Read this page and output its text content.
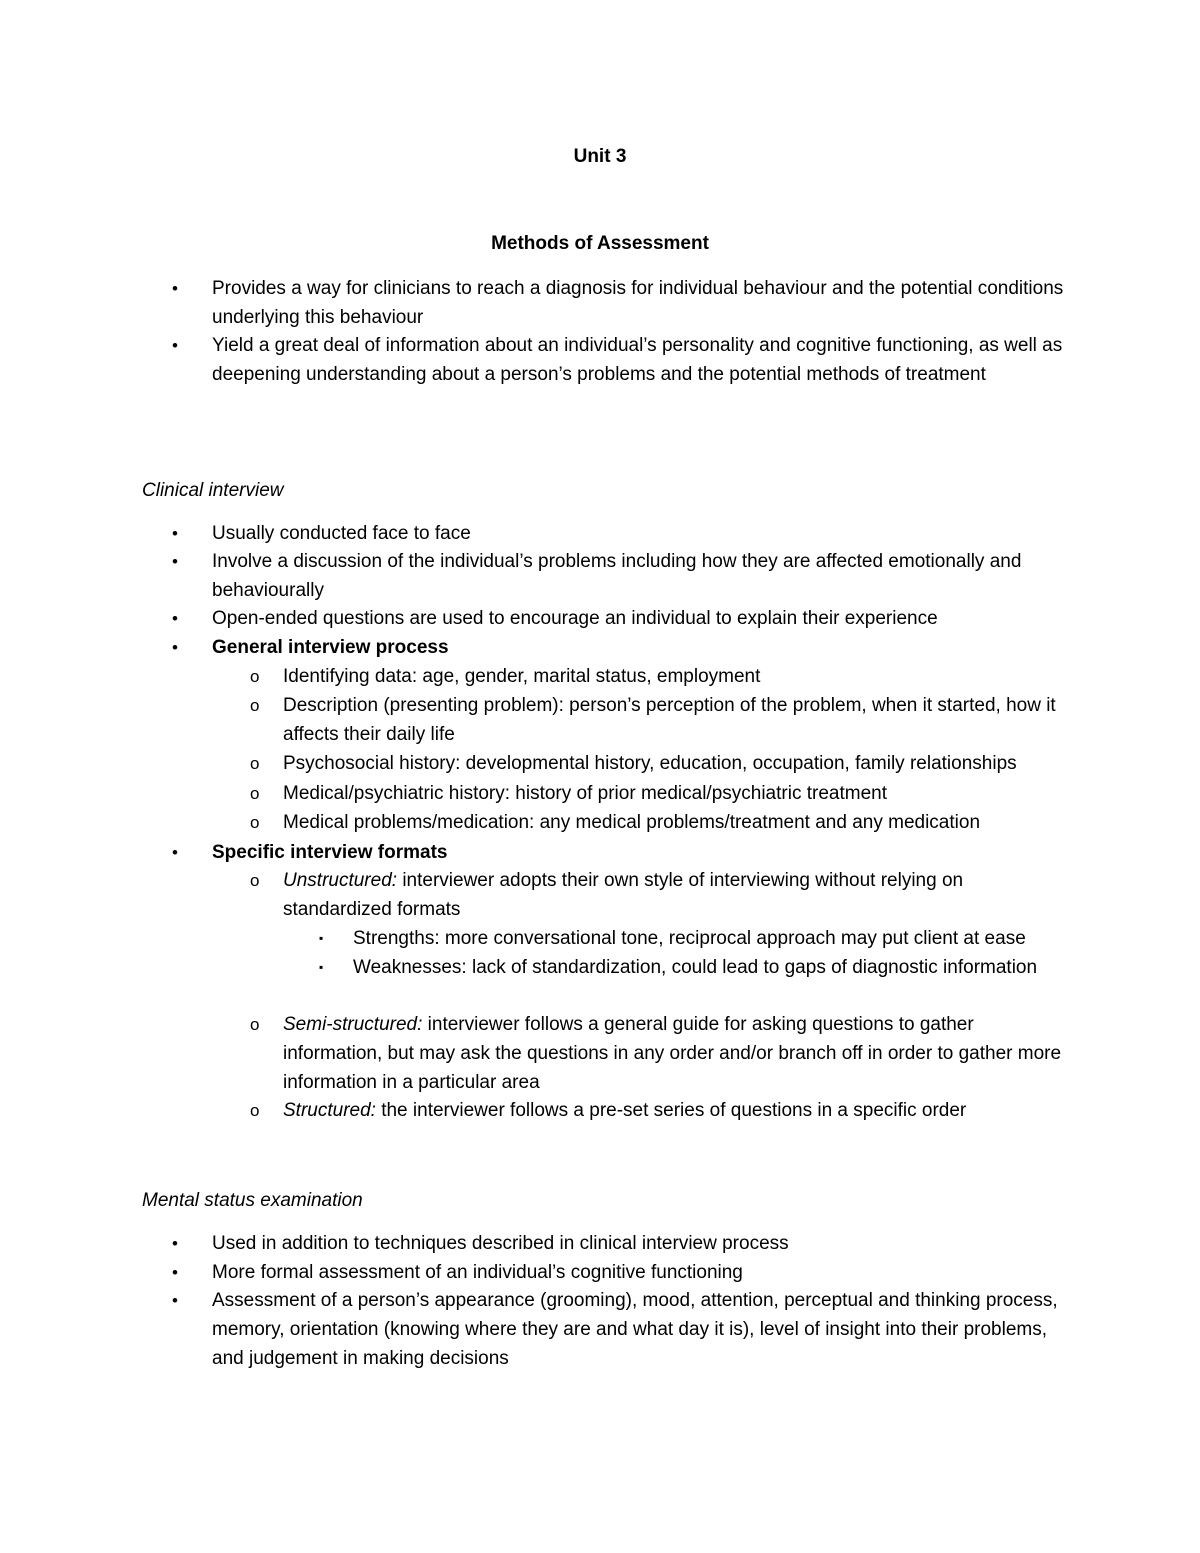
Unit 3
Methods of Assessment
• Provides a way for clinicians to reach a diagnosis for individual behaviour and the potential conditions underlying this behaviour
• Yield a great deal of information about an individual’s personality and cognitive functioning, as well as deepening understanding about a person’s problems and the potential methods of treatment
Clinical interview
• Usually conducted face to face
• Involve a discussion of the individual’s problems including how they are affected emotionally and behaviourally
• Open-ended questions are used to encourage an individual to explain their experience
• General interview process
o Identifying data: age, gender, marital status, employment
o Description (presenting problem): person’s perception of the problem, when it started, how it affects their daily life
o Psychosocial history: developmental history, education, occupation, family relationships
o Medical/psychiatric history: history of prior medical/psychiatric treatment
o Medical problems/medication: any medical problems/treatment and any medication
• Specific interview formats
o Unstructured: interviewer adopts their own style of interviewing without relying on standardized formats
▪ Strengths: more conversational tone, reciprocal approach may put client at ease
▪ Weaknesses: lack of standardization, could lead to gaps of diagnostic information
o Semi-structured: interviewer follows a general guide for asking questions to gather information, but may ask the questions in any order and/or branch off in order to gather more information in a particular area
o Structured: the interviewer follows a pre-set series of questions in a specific order
Mental status examination
• Used in addition to techniques described in clinical interview process
• More formal assessment of an individual’s cognitive functioning
• Assessment of a person’s appearance (grooming), mood, attention, perceptual and thinking process, memory, orientation (knowing where they are and what day it is), level of insight into their problems, and judgement in making decisions
